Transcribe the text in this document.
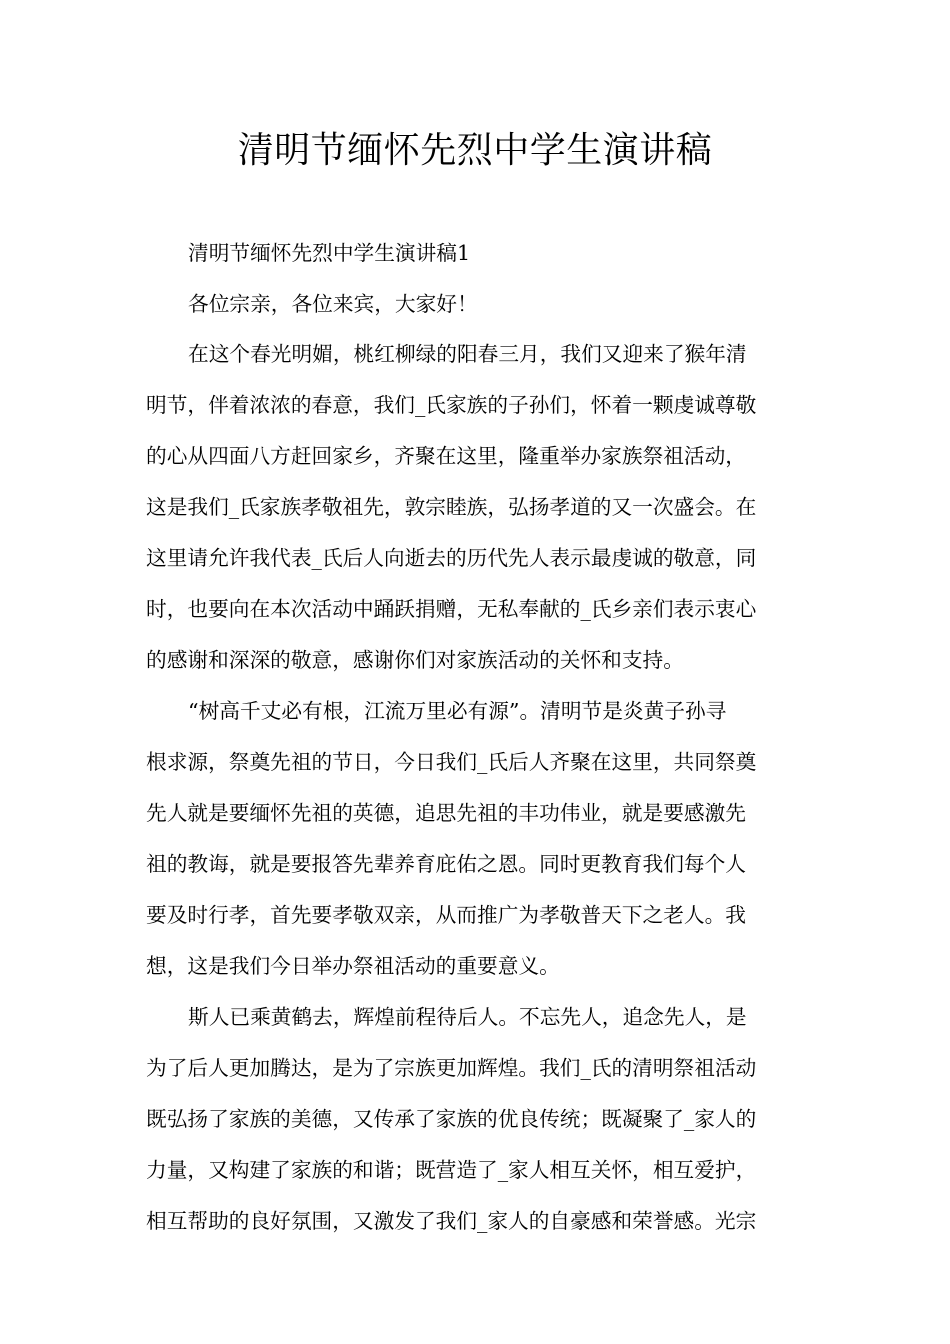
清明节缅怀先烈中学生演讲稿
清明节缅怀先烈中学生演讲稿1
各位宗亲，各位来宾，大家好！
在这个春光明媚，桃红柳绿的阳春三月，我们又迎来了猴年清
明节，伴着浓浓的春意，我们_氏家族的子孙们，怀着一颗虔诚尊敬
的心从四面八方赶回家乡，齐聚在这里，隆重举办家族祭祖活动，
这是我们_氏家族孝敬祖先，敦宗睦族，弘扬孝道的又一次盛会。在
这里请允许我代表_氏后人向逝去的历代先人表示最虔诚的敬意，同
时，也要向在本次活动中踊跃捐赠，无私奉献的_氏乡亲们表示衷心
的感谢和深深的敬意，感谢你们对家族活动的关怀和支持。
“树高千丈必有根，江流万里必有源”。清明节是炎黄子孙寻
根求源，祭奠先祖的节日，今日我们_氏后人齐聚在这里，共同祭奠
先人就是要缅怀先祖的英德，追思先祖的丰功伟业，就是要感激先
祖的教诲，就是要报答先辈养育庇佑之恩。同时更教育我们每个人
要及时行孝，首先要孝敬双亲，从而推广为孝敬普天下之老人。我
想，这是我们今日举办祭祖活动的重要意义。
斯人已乘黄鹤去，辉煌前程待后人。不忘先人，追念先人，是
为了后人更加腾达，是为了宗族更加辉煌。我们_氏的清明祭祖活动
既弘扬了家族的美德，又传承了家族的优良传统；既凝聚了_家人的
力量，又构建了家族的和谐；既营造了_家人相互关怀，相互爱护，
相互帮助的良好氛围，又激发了我们_家人的自豪感和荣誉感。光宗
